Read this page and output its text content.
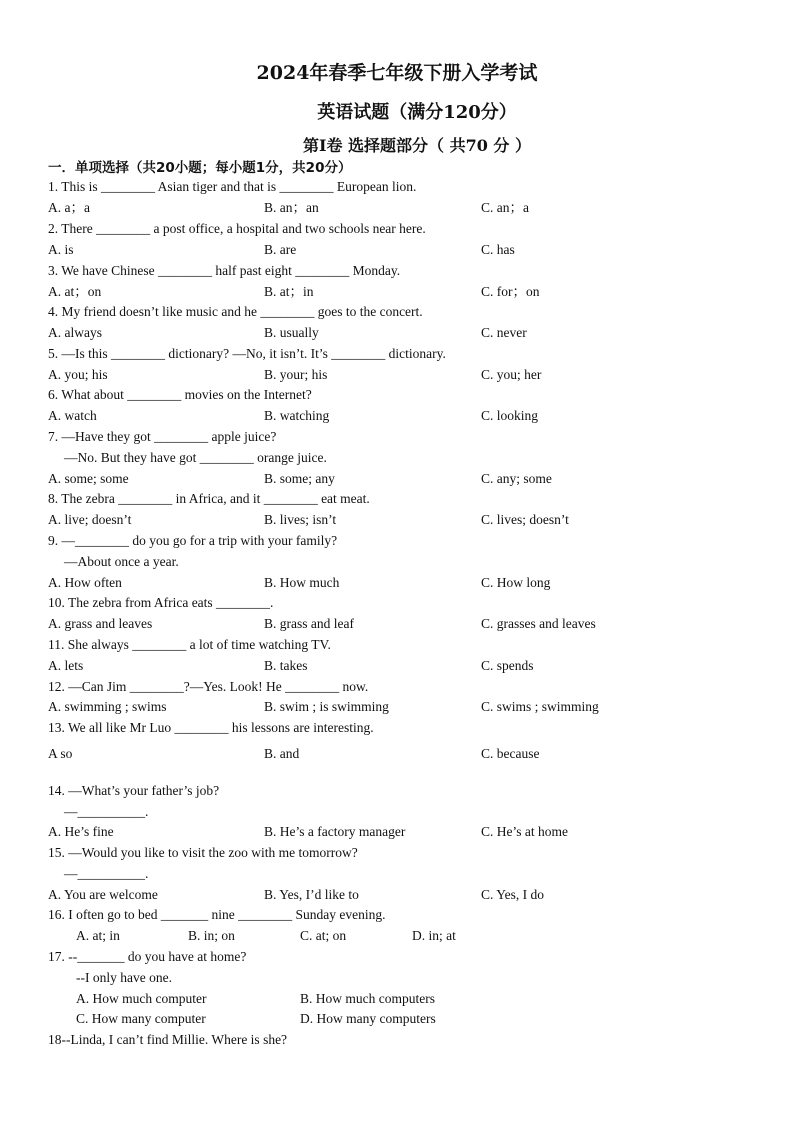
2024年春季七年级下册入学考试
英语试题（满分120分）
第Ⅰ卷 选择题部分（ 共70 分 ）
一．单项选择（共20小题；每小题1分，共20分）
1. This is ________ Asian tiger and that is ________ European lion.
A. a；a	B. an；an	C. an；a
2. There ________ a post office, a hospital and two schools near here.
A. is	B. are	C. has
3. We have Chinese ________ half past eight ________ Monday.
A. at；on	B. at；in	C. for；on
4. My friend doesn’t like music and he ________ goes to the concert.
A. always	B. usually	C. never
5. —Is this ________ dictionary? —No, it isn’t. It’s ________ dictionary.
A. you; his	B. your; his	C. you; her
6. What about ________ movies on the Internet?
A. watch	B. watching	C. looking
7. —Have they got ________ apple juice?
—No. But they have got ________ orange juice.
A. some; some	B. some; any	C. any; some
8. The zebra ________ in Africa, and it ________ eat meat.
A. live; doesn’t	B. lives; isn’t	C. lives; doesn’t
9. —________ do you go for a trip with your family?
—About once a year.
A. How often	B. How much	C. How long
10. The zebra from Africa eats ________.
A. grass and leaves	B. grass and leaf	C. grasses and leaves
11. She always ________ a lot of time watching TV.
A. lets	B. takes	C. spends
12. —Can Jim ________?—Yes. Look! He ________ now.
A. swimming ; swims	B. swim ; is swimming	C. swims ; swimming
13. We all like Mr Luo ________ his lessons are interesting.
A so	B. and	C. because
14. —What’s your father’s job?
—__________.
A. He’s fine	B. He’s a factory manager	C. He’s at home
15. —Would you like to visit the zoo with me tomorrow?
—__________.
A. You are welcome	B. Yes, I’d like to	C. Yes, I do
16. I often go to bed _______ nine ________ Sunday evening.
A. at; in	B. in; on	C. at; on	D. in; at
17. --_______ do you have at home?
--I only have one.
A. How much computer	B. How much computers
C. How many computer	D. How many computers
18--Linda, I can’t find Millie. Where is she?
